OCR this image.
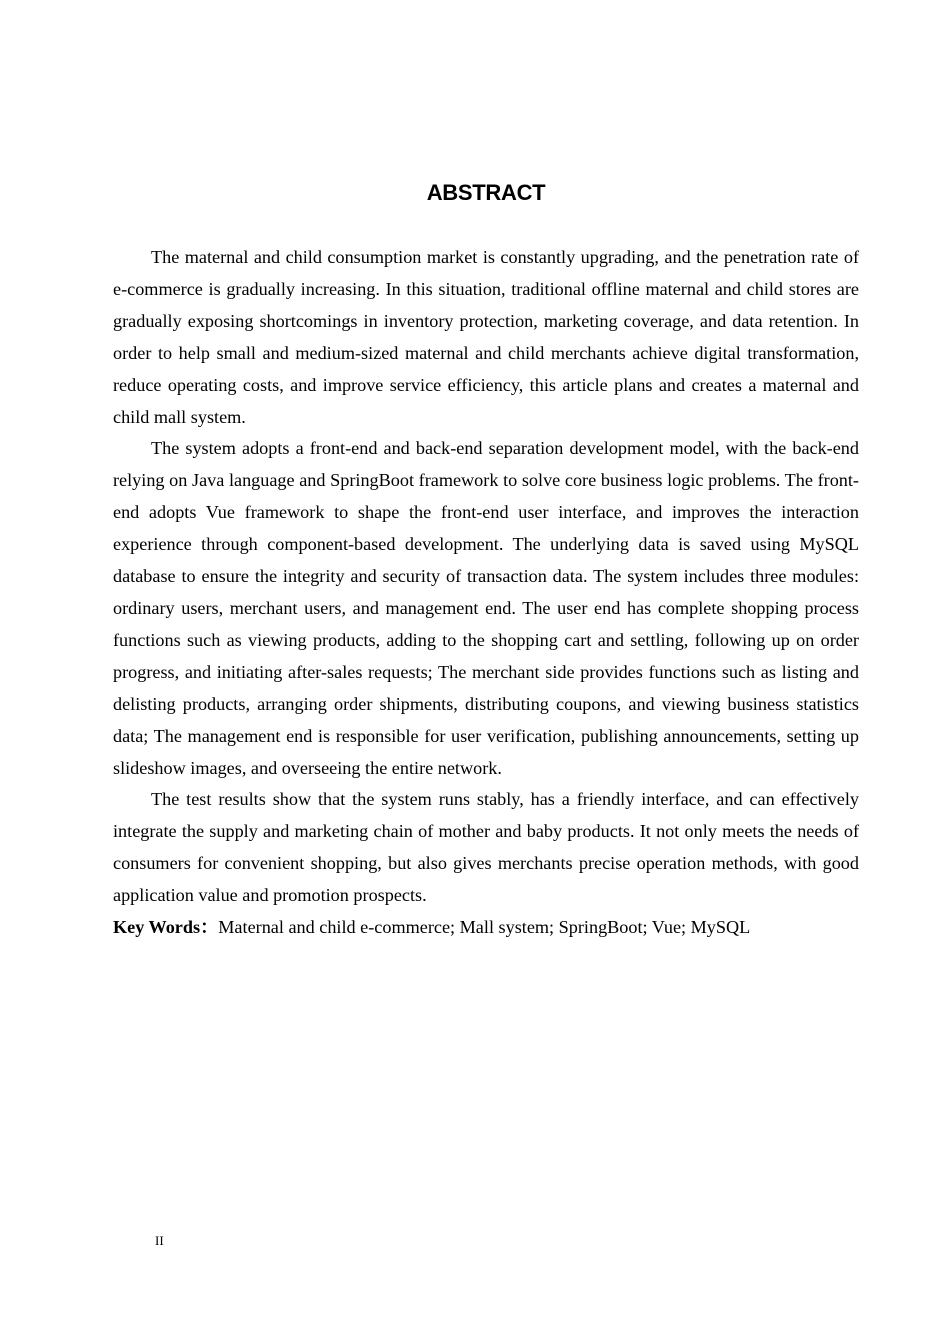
ABSTRACT

The maternal and child consumption market is constantly upgrading, and the penetration rate of e-commerce is gradually increasing. In this situation, traditional offline maternal and child stores are gradually exposing shortcomings in inventory protection, marketing coverage, and data retention. In order to help small and medium-sized maternal and child merchants achieve digital transformation, reduce operating costs, and improve service efficiency, this article plans and creates a maternal and child mall system.

The system adopts a front-end and back-end separation development model, with the back-end relying on Java language and SpringBoot framework to solve core business logic problems. The front-end adopts Vue framework to shape the front-end user interface, and improves the interaction experience through component-based development. The underlying data is saved using MySQL database to ensure the integrity and security of transaction data. The system includes three modules: ordinary users, merchant users, and management end. The user end has complete shopping process functions such as viewing products, adding to the shopping cart and settling, following up on order progress, and initiating after-sales requests; The merchant side provides functions such as listing and delisting products, arranging order shipments, distributing coupons, and viewing business statistics data; The management end is responsible for user verification, publishing announcements, setting up slideshow images, and overseeing the entire network.

The test results show that the system runs stably, has a friendly interface, and can effectively integrate the supply and marketing chain of mother and baby products. It not only meets the needs of consumers for convenient shopping, but also gives merchants precise operation methods, with good application value and promotion prospects.

Key Words：Maternal and child e-commerce; Mall system; SpringBoot; Vue; MySQL
II
